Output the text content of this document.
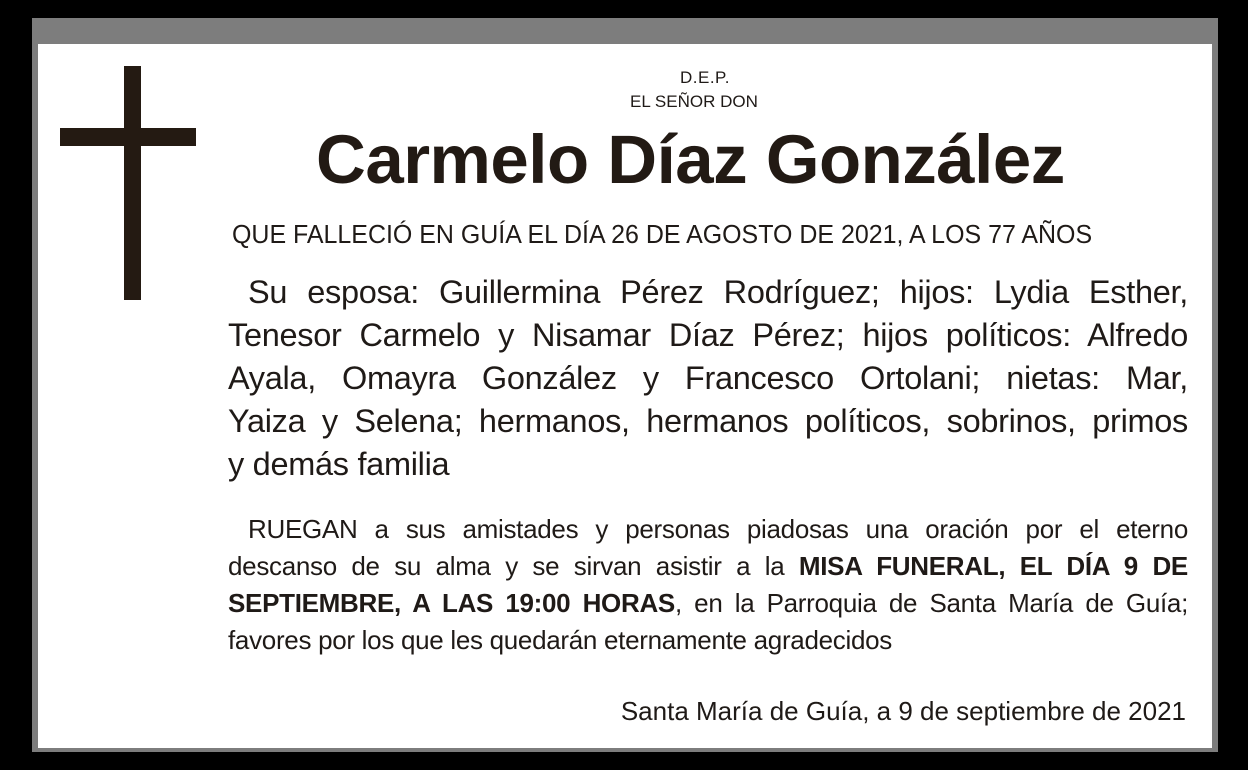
D.E.P.
EL SEÑOR DON
Carmelo Díaz González
QUE FALLECIÓ EN GUÍA EL DÍA 26 DE AGOSTO DE 2021, A LOS 77 AÑOS
Su esposa: Guillermina Pérez Rodríguez; hijos: Lydia Esther,
Tenesor Carmelo y Nisamar Díaz Pérez; hijos políticos: Alfredo
Ayala, Omayra González y Francesco Ortolani; nietas: Mar,
Yaiza y Selena; hermanos, hermanos políticos, sobrinos, primos
y demás familia
RUEGAN a sus amistades y personas piadosas una oración por el eterno
descanso de su alma y se sirvan asistir a la MISA FUNERAL, EL DÍA 9 DE
SEPTIEMBRE, A LAS 19:00 HORAS, en la Parroquia de Santa María de Guía;
favores por los que les quedarán eternamente agradecidos
Santa María de Guía, a 9 de septiembre de 2021
